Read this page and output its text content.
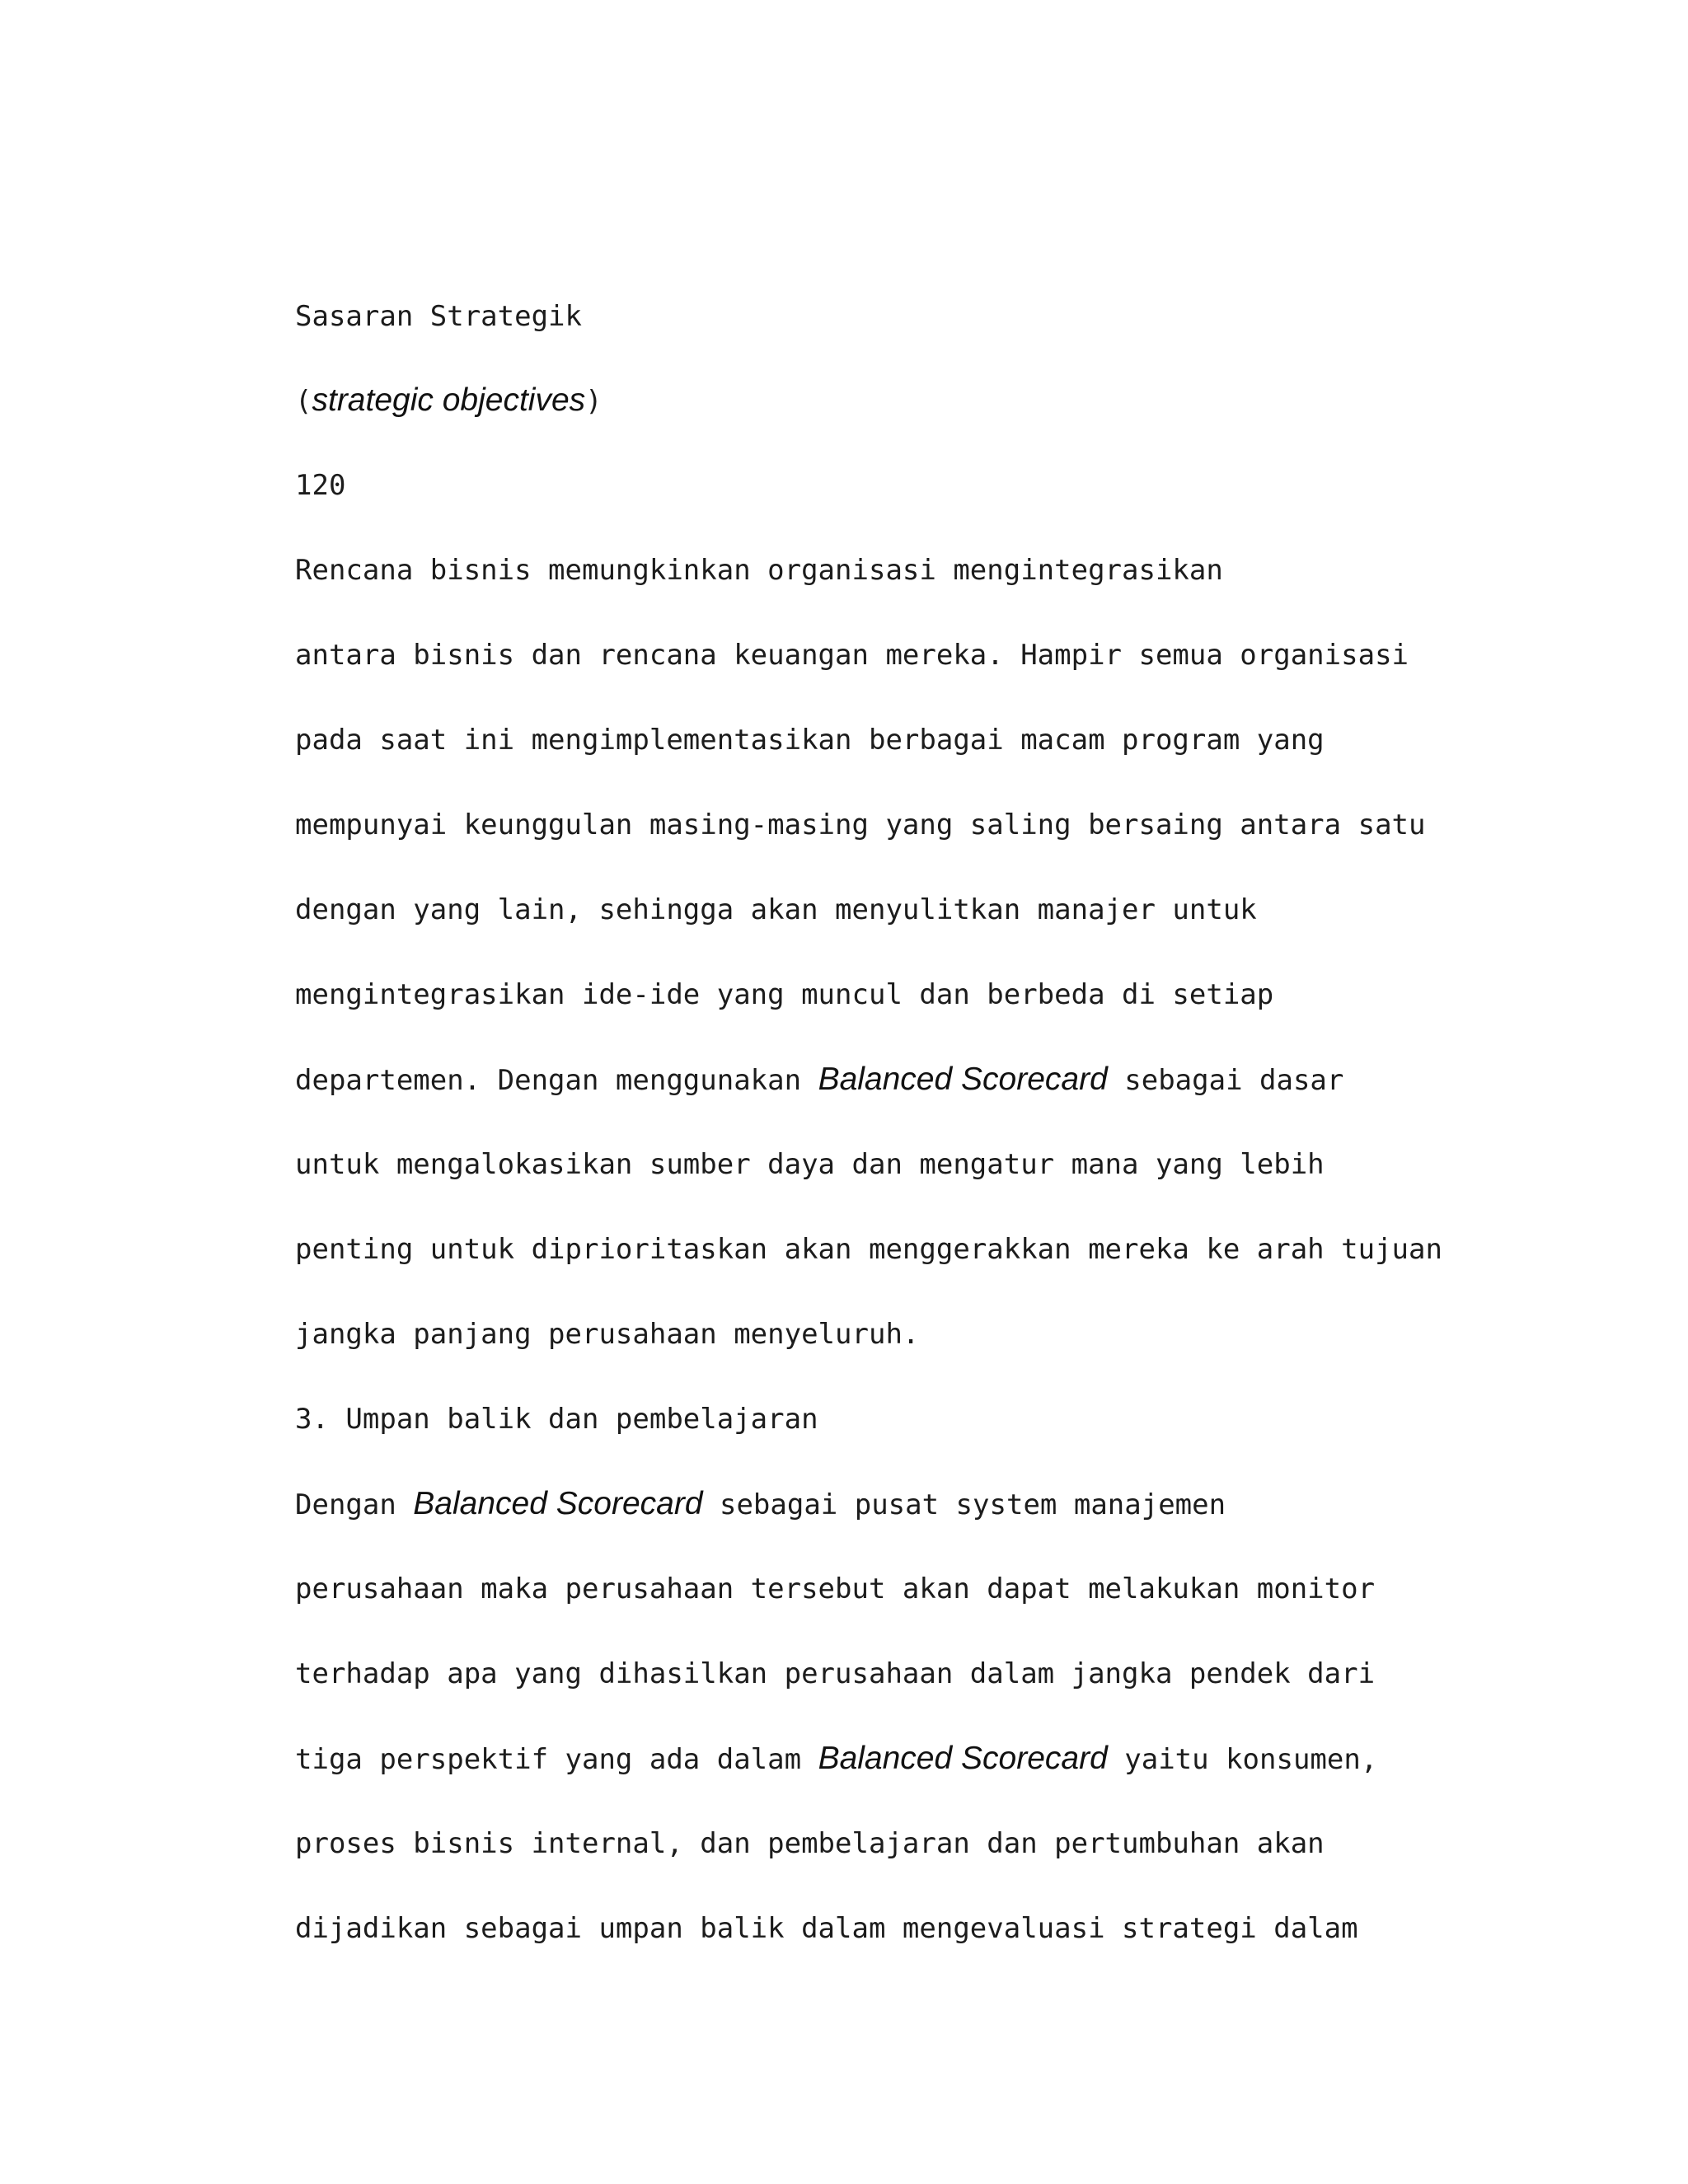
Sasaran Strategik
(strategic objectives)
120
Rencana bisnis memungkinkan organisasi mengintegrasikan
antara bisnis dan rencana keuangan mereka. Hampir semua organisasi
pada saat ini mengimplementasikan berbagai macam program yang
mempunyai keunggulan masing-masing yang saling bersaing antara satu
dengan yang lain, sehingga akan menyulitkan manajer untuk
mengintegrasikan ide-ide yang muncul dan berbeda di setiap
departemen. Dengan menggunakan Balanced Scorecard sebagai dasar
untuk mengalokasikan sumber daya dan mengatur mana yang lebih
penting untuk diprioritaskan akan menggerakkan mereka ke arah tujuan
jangka panjang perusahaan menyeluruh.
3. Umpan balik dan pembelajaran
Dengan Balanced Scorecard sebagai pusat system manajemen
perusahaan maka perusahaan tersebut akan dapat melakukan monitor
terhadap apa yang dihasilkan perusahaan dalam jangka pendek dari
tiga perspektif yang ada dalam Balanced Scorecard yaitu konsumen,
proses bisnis internal, dan pembelajaran dan pertumbuhan akan
dijadikan sebagai umpan balik dalam mengevaluasi strategi dalam
